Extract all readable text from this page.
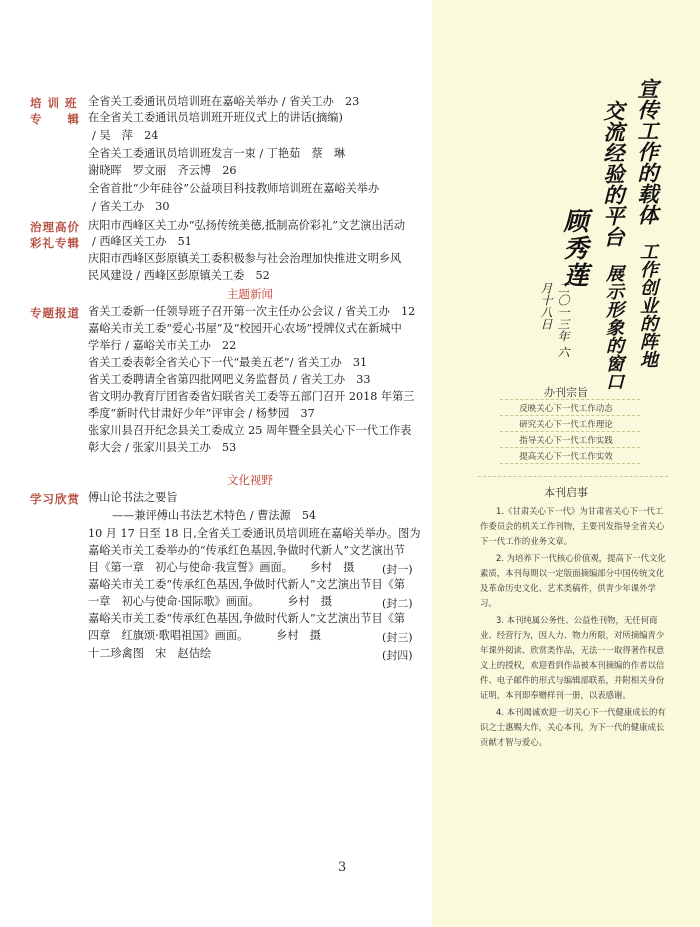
培 训 班
专　　辑
治理高价
彩礼专辑
专题报道
学习欣赏
主题新闻
文化视野
全省关工委通讯员培训班在嘉峪关举办 / 省关工办　23
在全省关工委通讯员培训班开班仪式上的讲话(摘编)
/ 吴　萍　24
全省关工委通讯员培训班发言一束 / 丁艳茹　蔡　琳
谢晓晖　罗文丽　齐云博　26
全省首批“少年硅谷”公益项目科技教师培训班在嘉峪关举办
/ 省关工办　30
庆阳市西峰区关工办“弘扬传统美德,抵制高价彩礼”文艺演出活动
/ 西峰区关工办　51
庆阳市西峰区彭原镇关工委积极参与社会治理加快推进文明乡风
民风建设 / 西峰区彭原镇关工委　52
省关工委新一任领导班子召开第一次主任办公会议 / 省关工办　12
嘉峪关市关工委“爱心书屋”及“校园开心农场”授牌仪式在新城中
学举行 / 嘉峪关市关工办　22
省关工委表彰全省关心下一代“最美五老”/ 省关工办　31
省关工委聘请全省第四批网吧义务监督员 / 省关工办　33
省文明办教育厅团省委省妇联省关工委等五部门召开 2018 年第三
季度“新时代甘肃好少年”评审会 / 杨梦园　37
张家川县召开纪念县关工委成立 25 周年暨全县关心下一代工作表
彰大会 / 张家川县关工办　53
傅山论书法之要旨
——兼评傅山书法艺术特色 / 曹法源　54
10 月 17 日至 18 日,全省关工委通讯员培训班在嘉峪关举办。图为
嘉峪关市关工委举办的“传承红色基因,争做时代新人”文艺演出节
目《第一章　初心与使命·我宣誓》画面。　　乡村　摄
嘉峪关市关工委“传承红色基因,争做时代新人”文艺演出节目《第
一章　初心与使命·国际歌》画面。　　　乡村　摄
嘉峪关市关工委“传承红色基因,争做时代新人”文艺演出节目《第
四章　红旗颂·歌唱祖国》画面。　　　乡村　摄
十二珍禽图　宋　赵佶绘
(封一)
(封二)
(封三)
(封四)
3
宣传工作的载体
工作创业的阵地
交流经验的平台
展示形象的窗口
顾秀莲
二〇一三年 六月十八日
办刊宗旨
反映关心下一代工作动态
研究关心下一代工作理论
指导关心下一代工作实践
提高关心下一代工作实效
本刊启事

1.《甘肃关心下一代》为甘肃省关心下一代工作委员会的机关工作刊物，主要刊发指导全省关心下一代工作的业务文章。

2. 为培养下一代核心价值观，提高下一代文化素质，本刊每期以一定版面摘编部分中国传统文化及革命历史文化、艺术类稿件，供青少年课外学习。

3. 本刊纯属公务性、公益性刊物，无任何商业、经营行为，因人力、物力所限，对所摘编青少年课外阅读、欣赏类作品，无法一一取得著作权意义上的授权，欢迎看到作品被本刊摘编的作者以信件、电子邮件的形式与编辑部联系，并附相关身份证明，本刊即奉赠样刊一册，以表感谢。

4. 本刊竭诚欢迎一切关心下一代健康成长的有识之士惠赐大作，关心本刊，为下一代的健康成长贡献才智与爱心。
